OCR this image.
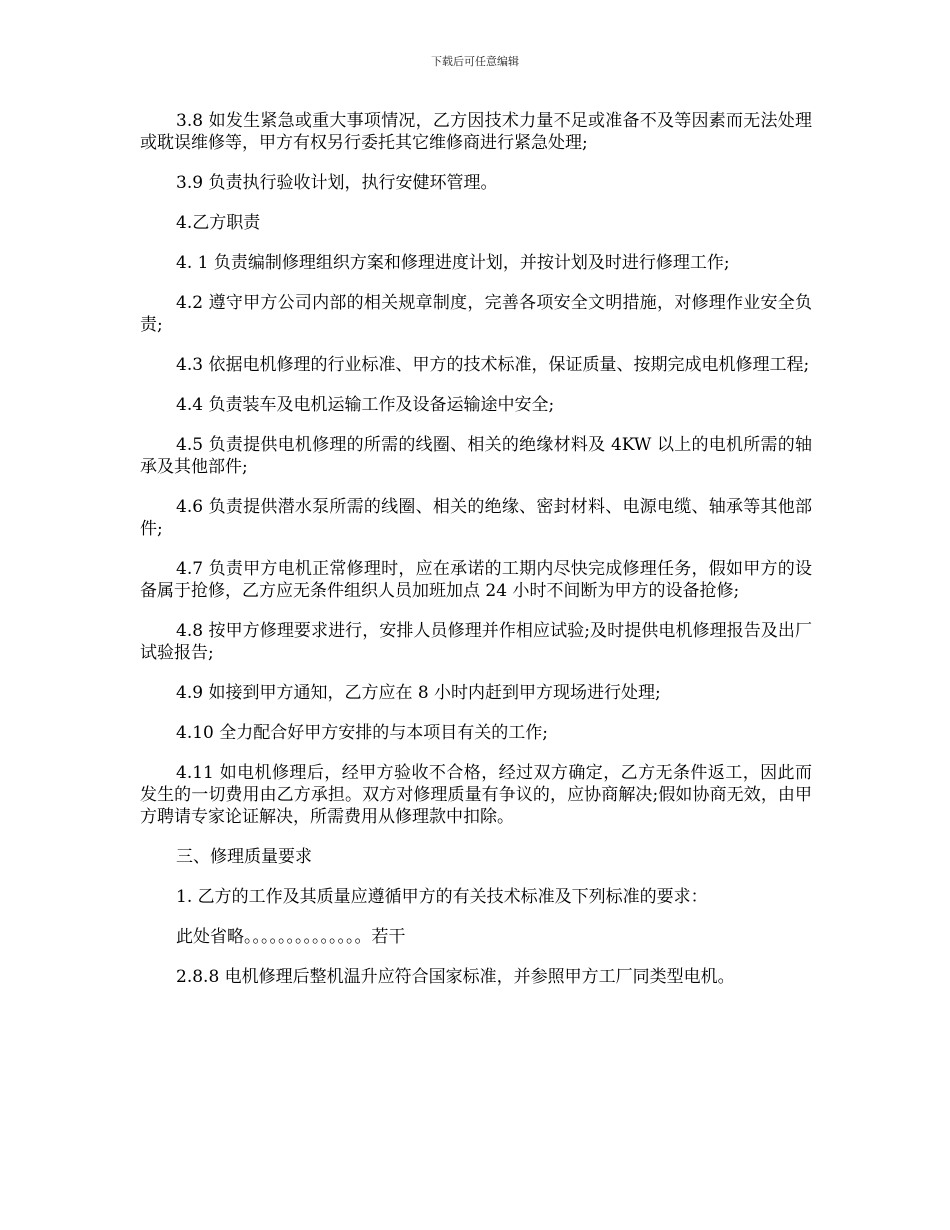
下载后可任意编辑

3.8 如发生紧急或重大事项情况，乙方因技术力量不足或准备不及等因素而无法处理或耽误维修等，甲方有权另行委托其它维修商进行紧急处理;

3.9 负责执行验收计划，执行安健环管理。

4.乙方职责

4. 1 负责编制修理组织方案和修理进度计划，并按计划及时进行修理工作;

4.2 遵守甲方公司内部的相关规章制度，完善各项安全文明措施，对修理作业安全负责;

4.3 依据电机修理的行业标准、甲方的技术标准，保证质量、按期完成电机修理工程;

4.4 负责装车及电机运输工作及设备运输途中安全;

4.5 负责提供电机修理的所需的线圈、相关的绝缘材料及 4KW 以上的电机所需的轴承及其他部件;

4.6 负责提供潜水泵所需的线圈、相关的绝缘、密封材料、电源电缆、轴承等其他部件;

4.7 负责甲方电机正常修理时，应在承诺的工期内尽快完成修理任务，假如甲方的设备属于抢修，乙方应无条件组织人员加班加点 24 小时不间断为甲方的设备抢修;

4.8 按甲方修理要求进行，安排人员修理并作相应试验;及时提供电机修理报告及出厂试验报告;

4.9 如接到甲方通知，乙方应在 8 小时内赶到甲方现场进行处理;

4.10 全力配合好甲方安排的与本项目有关的工作;

4.11 如电机修理后，经甲方验收不合格，经过双方确定，乙方无条件返工，因此而发生的一切费用由乙方承担。双方对修理质量有争议的，应协商解决;假如协商无效，由甲方聘请专家论证解决，所需费用从修理款中扣除。

三、修理质量要求

1. 乙方的工作及其质量应遵循甲方的有关技术标准及下列标准的要求：

此处省略。。。。。。。。。。。。。。若干

2.8.8 电机修理后整机温升应符合国家标准，并参照甲方工厂同类型电机。
